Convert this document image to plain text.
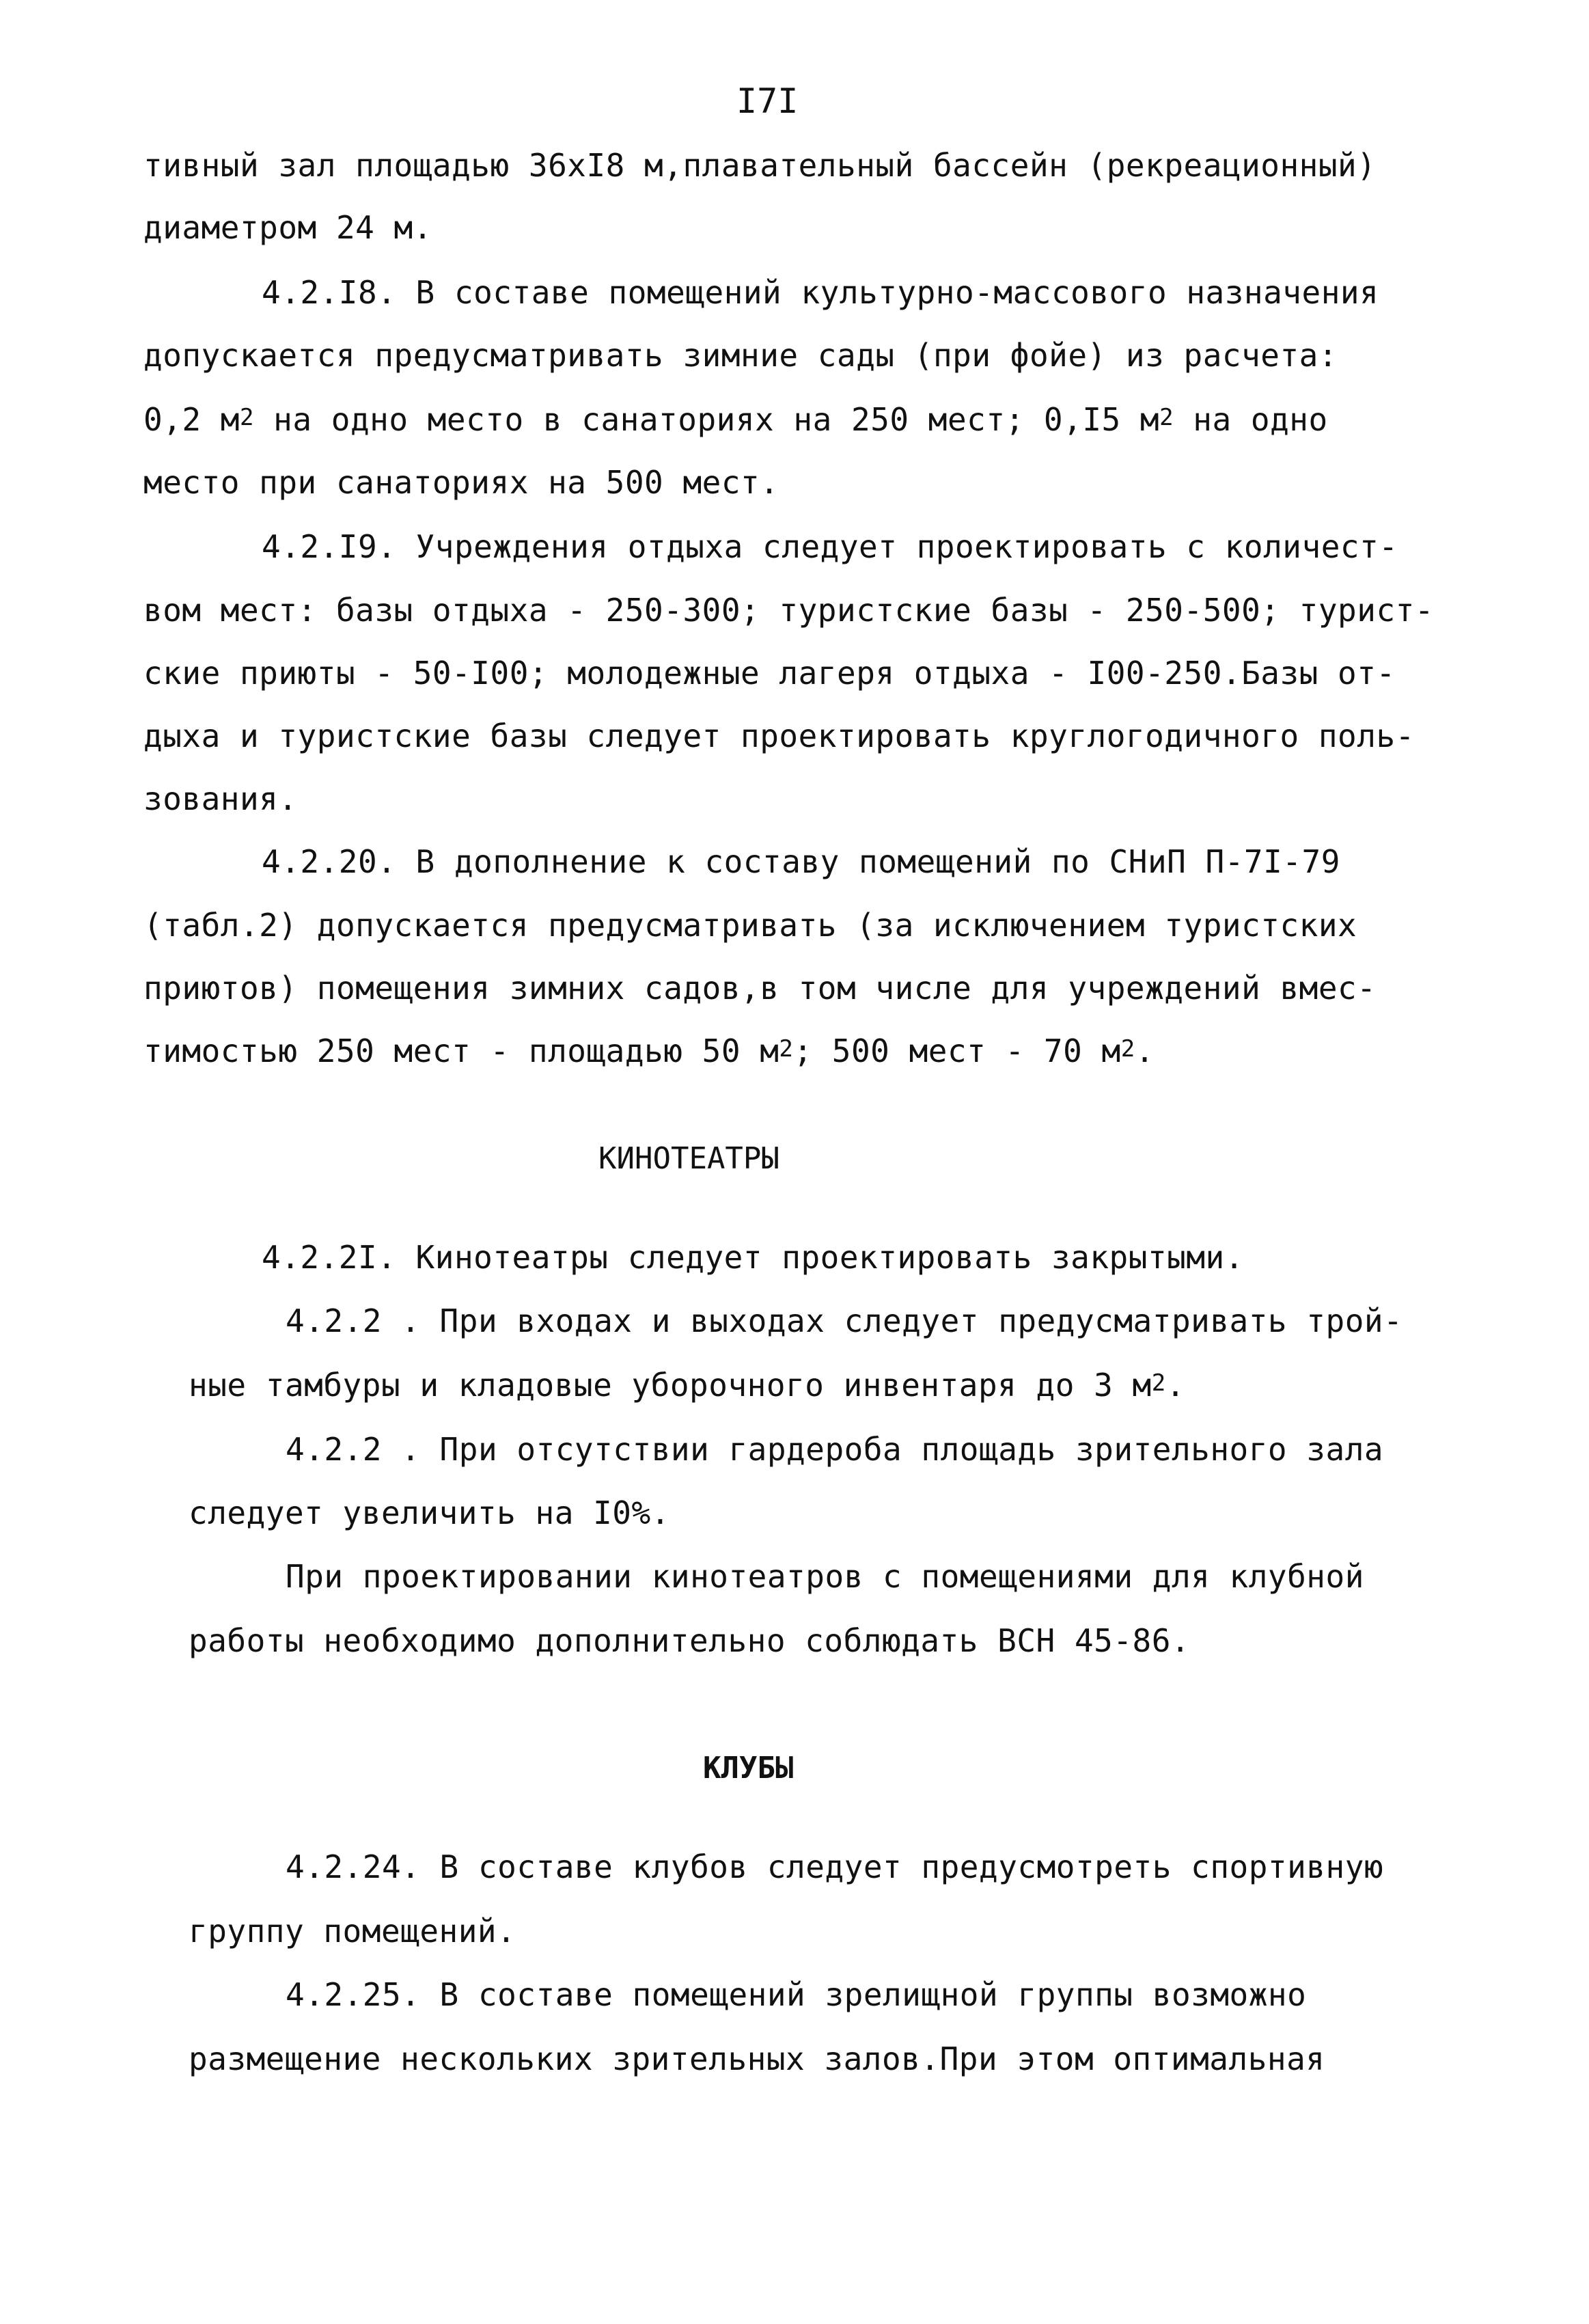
I7I
тивный зал площадью 36хI8 м,плавательный бассейн (рекреационный)
диаметром 24 м.
4.2.I8. В составе помещений культурно-массового назначения
допускается предусматривать зимние сады (при фойе) из расчета:
0,2 $м^2$ на одно место в санаториях на 250 мест; 0,I5 $м^2$ на одно
место при санаториях на 500 мест.
4.2.I9. Учреждения отдыха следует проектировать с количест-
вом мест: базы отдыха - 250-300; туристские базы - 250-500; турист-
ские приюты - 50-I00; молодежные лагеря отдыха - I00-250.Базы от-
дыха и туристские базы следует проектировать круглогодичного поль-
зования.
4.2.20. В дополнение к составу помещений по СНиП П-7I-79
(табл.2) допускается предусматривать (за исключением туристских
приютов) помещения зимних садов,в том числе для учреждений вмес-
тимостью 250 мест - площадью 50 $м^2$; 500 мест - 70 $м^2$.
КИНОТЕАТРЫ
4.2.2I. Кинотеатры следует проектировать закрытыми.
4.2.2 . При входах и выходах следует предусматривать трой-
ные тамбуры и кладовые уборочного инвентаря до 3 $м^2$.
4.2.2 . При отсутствии гардероба площадь зрительного зала
следует увеличить на I0%.
При проектировании кинотеатров с помещениями для клубной
работы необходимо дополнительно соблюдать ВСН 45-86.
КЛУБЫ
4.2.24. В составе клубов следует предусмотреть спортивную
группу помещений.
4.2.25. В составе помещений зрелищной группы возможно
размещение нескольких зрительных залов.При этом оптимальная
